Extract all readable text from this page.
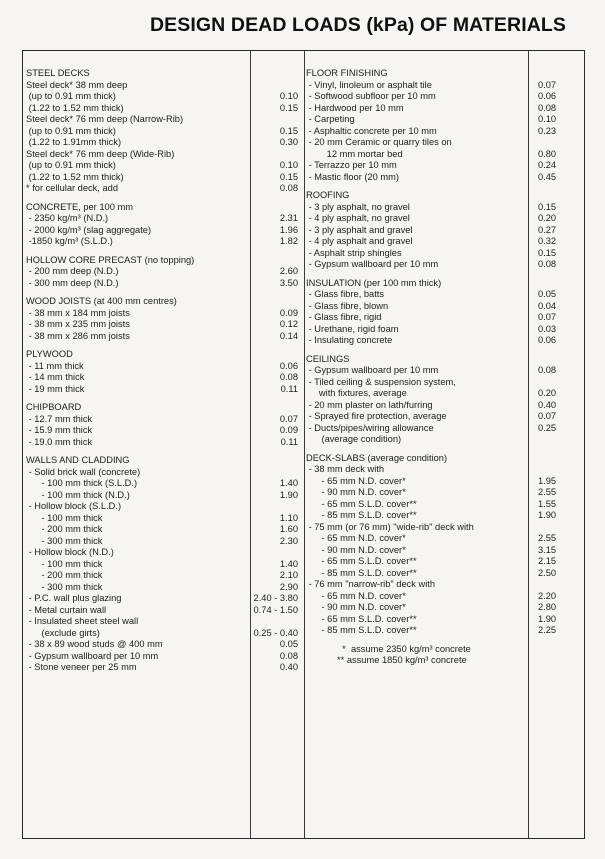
DESIGN DEAD LOADS (kPa) OF MATERIALS
STEEL DECKS
Steel deck* 38 mm deep
(up to 0.91 mm thick)	0.10
(1.22 to 1.52 mm thick)	0.15
Steel deck* 76 mm deep (Narrow-Rib)
(up to 0.91 mm thick)	0.15
(1.22 to 1.91mm thick)	0.30
Steel deck* 76 mm deep (Wide-Rib)
(up to 0.91 mm thick)	0.10
(1.22 to 1.52 mm thick)	0.15
* for cellular deck, add	0.08
CONCRETE, per 100 mm
- 2350 kg/m³ (N.D.)	2.31
- 2000 kg/m³ (slag aggregate)	1.96
-1850 kg/m³ (S.L.D.)	1.82
HOLLOW CORE PRECAST (no topping)
- 200 mm deep (N.D.)	2.60
- 300 mm deep (N.D.)	3.50
WOOD JOISTS (at 400 mm centres)
- 38 mm x 184 mm joists	0.09
- 38 mm x 235 mm joists	0.12
- 38 mm x 286 mm joists	0.14
PLYWOOD
- 11 mm thick	0.06
- 14 mm thick	0.08
- 19 mm thick	0.11
CHIPBOARD
- 12.7 mm thick	0.07
- 15.9 mm thick	0.09
- 19.0 mm thick	0.11
WALLS AND CLADDING
- Solid brick wall (concrete)
- 100 mm thick (S.L.D.)	1.40
- 100 mm thick (N.D.)	1.90
- Hollow block (S.L.D.)
- 100 mm thick	1.10
- 200 mm thick	1.60
- 300 mm thick	2.30
- Hollow block (N.D.)
- 100 mm thick	1.40
- 200 mm thick	2.10
- 300 mm thick	2.90
- P.C. wall plus glazing	2.40 - 3.80
- Metal curtain wall	0.74 - 1.50
- Insulated sheet steel wall
(exclude girts)	0.25 - 0.40
- 38 x 89 wood studs @ 400 mm	0.05
- Gypsum wallboard per 10 mm	0.08
- Stone veneer per 25 mm	0.40
FLOOR FINISHING
- Vinyl, linoleum or asphalt tile	0.07
- Softwood subfloor per 10 mm	0.06
- Hardwood per 10 mm	0.08
- Carpeting	0.10
- Asphaltic concrete per 10 mm	0.23
- 20 mm Ceramic or quarry tiles on
12 mm mortar bed	0.80
- Terrazzo per 10 mm	0.24
- Mastic floor (20 mm)	0.45
ROOFING
- 3 ply asphalt, no gravel	0.15
- 4 ply asphalt, no gravel	0.20
- 3 ply asphalt and gravel	0.27
- 4 ply asphalt and gravel	0.32
- Asphalt strip shingles	0.15
- Gypsum wallboard per 10 mm	0.08
INSULATION (per 100 mm thick)
- Glass fibre, batts	0.05
- Glass fibre, blown	0.04
- Glass fibre, rigid	0.07
- Urethane, rigid foam	0.03
- Insulating concrete	0.06
CEILINGS
- Gypsum wallboard per 10 mm	0.08
- Tiled ceiling & suspension system,
with fixtures, average	0.20
- 20 mm plaster on lath/furring	0.40
- Sprayed fire protection, average	0.07
- Ducts/pipes/wiring allowance	0.25
(average condition)
DECK-SLABS (average condition)
- 38 mm deck with
- 65 mm N.D. cover*	1.95
- 90 mm N.D. cover*	2.55
- 65 mm S.L.D. cover**	1.55
- 85 mm S.L.D. cover**	1.90
- 75 mm (or 76 mm) "wide-rib" deck with
- 65 mm N.D. cover*	2.55
- 90 mm N.D. cover*	3.15
- 65 mm S.L.D. cover**	2.15
- 85 mm S.L.D. cover**	2.50
- 76 mm "narrow-rib" deck with
- 65 mm N.D. cover*	2.20
- 90 mm N.D. cover*	2.80
- 65 mm S.L.D. cover**	1.90
- 85 mm S.L.D. cover**	2.25
*  assume 2350 kg/m³ concrete
** assume 1850 kg/m³ concrete
